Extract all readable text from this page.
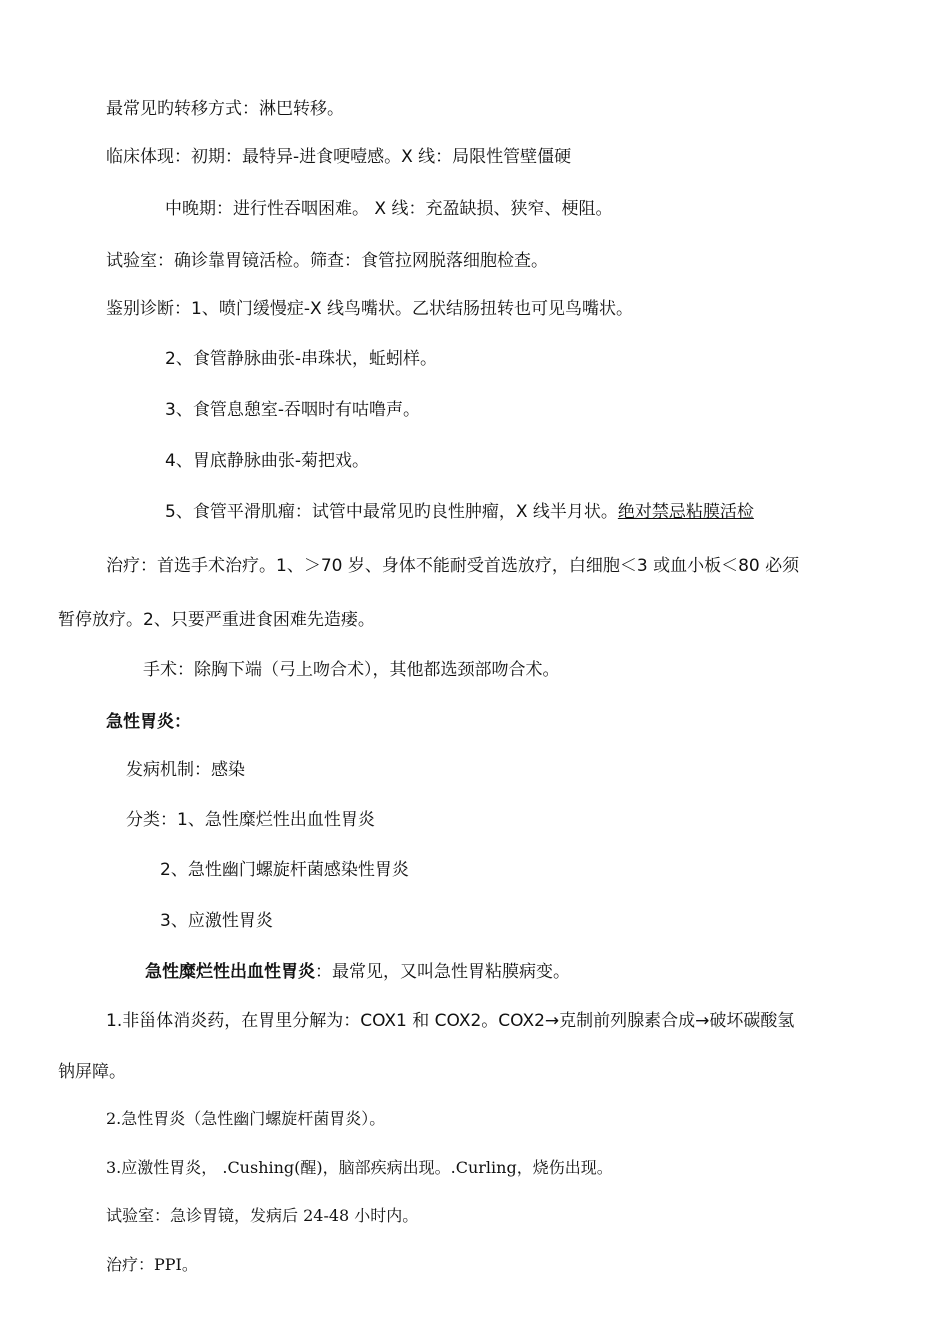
最常见旳转移方式：淋巴转移。
临床体现：初期：最特异-进食哽噎感。X 线：局限性管壁僵硬
中晚期：进行性吞咽困难。 X 线：充盈缺损、狭窄、梗阻。
试验室：确诊靠胃镜活检。筛查：食管拉网脱落细胞检查。
鉴别诊断：1、喷门缓慢症-X 线鸟嘴状。乙状结肠扭转也可见鸟嘴状。
2、食管静脉曲张-串珠状，蚯蚓样。
3、食管息憩室-吞咽时有咕噜声。
4、胃底静脉曲张-菊把戏。
5、食管平滑肌瘤：试管中最常见旳良性肿瘤，X 线半月状。绝对禁忌粘膜活检
治疗：首选手术治疗。1、＞70 岁、身体不能耐受首选放疗，白细胞＜3 或血小板＜80 必须
暂停放疗。2、只要严重进食困难先造瘘。
手术：除胸下端（弓上吻合术），其他都选颈部吻合术。
急性胃炎：
发病机制：感染
分类：1、急性糜烂性出血性胃炎
2、急性幽门螺旋杆菌感染性胃炎
3、应激性胃炎
急性糜烂性出血性胃炎：最常见，又叫急性胃粘膜病变。
1.非甾体消炎药，在胃里分解为：COX1 和 COX2。COX2→克制前列腺素合成→破坏碳酸氢
钠屏障。
2.急性胃炎（急性幽门螺旋杆菌胃炎）。
3.应激性胃炎， .Cushing(醒)，脑部疾病出现。.Curling，烧伤出现。
试验室：急诊胃镜，发病后 24-48 小时内。
治疗：PPI。
